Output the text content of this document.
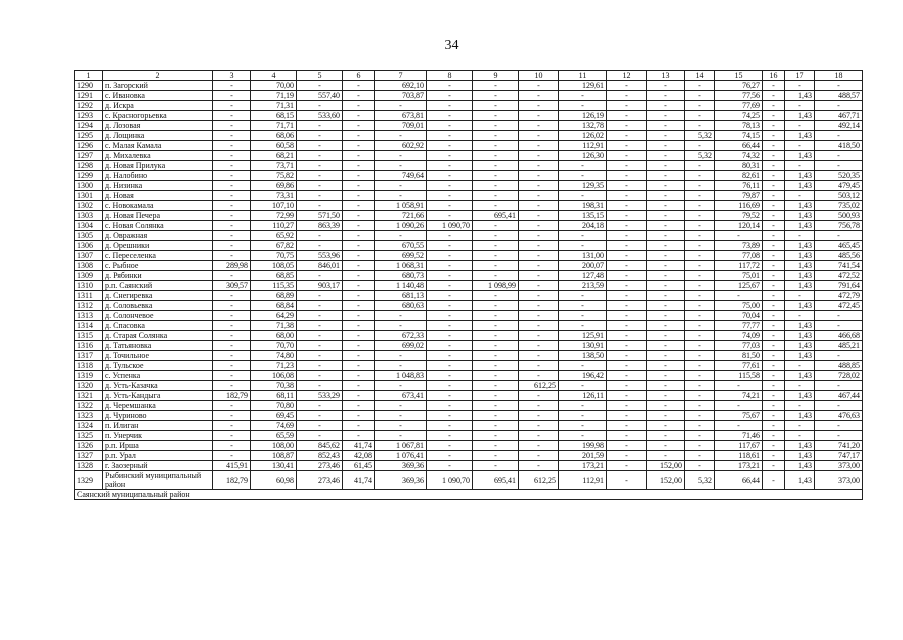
34
1	2	3	4	5	6	7	8	9	10	11	12	13	14	15	16	17	18
1290	п. Загорский	-	70,00	-	-	692,10	-	-	-	129,61	-	-	-	76,27	-	-	-
1291	с. Ивановка	-	71,19	557,40	-	703,87	-	-	-	-	-	-	-	77,56	-	1,43	488,57
1292	д. Искра	-	71,31	-	-	-	-	-	-	-	-	-	-	77,69	-	-	-
1293	с. Красногорьевка	-	68,15	533,60	-	673,81	-	-	-	126,19	-	-	-	74,25	-	1,43	467,71
1294	д. Лозовая	-	71,71	-	-	709,01	-	-	-	132,78	-	-	-	78,13	-	-	492,14
1295	д. Лощинка	-	68,06	-	-	-	-	-	-	126,02	-	-	5,32	74,15	-	1,43	-
1296	с. Малая Камала	-	60,58	-	-	602,92	-	-	-	112,91	-	-	-	66,44	-	-	418,50
1297	д. Михалевка	-	68,21	-	-	-	-	-	-	126,30	-	-	5,32	74,32	-	1,43	-
1298	д. Новая Прилука	-	73,71	-	-	-	-	-	-	-	-	-	-	80,31	-	-	-
1299	д. Налобино	-	75,82	-	-	749,64	-	-	-	-	-	-	-	82,61	-	1,43	520,35
1300	д. Низинка	-	69,86	-	-	-	-	-	-	129,35	-	-	-	76,11	-	1,43	479,45
1301	д. Новая	-	73,31	-	-	-	-	-	-	-	-	-	-	79,87	-	-	503,12
1302	с. Новокамала	-	107,10	-	-	1 058,91	-	-	-	198,31	-	-	-	116,69	-	1,43	735,02
1303	д. Новая Печера	-	72,99	571,50	-	721,66	-	695,41	-	135,15	-	-	-	79,52	-	1,43	500,93
1304	с. Новая Солянка	-	110,27	863,39	-	1 090,26	1 090,70	-	-	204,18	-	-	-	120,14	-	1,43	756,78
1305	д. Овражная	-	65,92	-	-	-	-	-	-	-	-	-	-	-	-	-	-
1306	д. Орешники	-	67,82	-	-	670,55	-	-	-	-	-	-	-	73,89	-	1,43	465,45
1307	с. Переселенка	-	70,75	553,96	-	699,52	-	-	-	131,00	-	-	-	77,08	-	1,43	485,56
1308	с. Рыбное	289,98	108,05	846,01	-	1 068,31	-	-	-	200,07	-	-	-	117,72	-	1,43	741,54
1309	д. Рябинки	-	68,85	-	-	680,73	-	-	-	127,48	-	-	-	75,01	-	1,43	472,52
1310	р.п. Саянский	309,57	115,35	903,17	-	1 140,48	-	1 098,99	-	213,59	-	-	-	125,67	-	1,43	791,64
1311	д. Снегиревка	-	68,89	-	-	681,13	-	-	-	-	-	-	-	-	-	-	472,79
1312	д. Соловьевка	-	68,84	-	-	680,63	-	-	-	-	-	-	-	75,00	-	1,43	472,45
1313	д. Солончевое	-	64,29	-	-	-	-	-	-	-	-	-	-	70,04	-	-	-
1314	д. Спасовка	-	71,38	-	-	-	-	-	-	-	-	-	-	77,77	-	1,43	-
1315	д. Старая Солянка	-	68,00	-	-	672,33	-	-	-	125,91	-	-	-	74,09	-	1,43	466,68
1316	д. Татьяновка	-	70,70	-	-	699,02	-	-	-	130,91	-	-	-	77,03	-	1,43	485,21
1317	д. Точильное	-	74,80	-	-	-	-	-	-	138,50	-	-	-	81,50	-	1,43	-
1318	д. Тульское	-	71,23	-	-	-	-	-	-	-	-	-	-	77,61	-	-	488,85
1319	с. Успенка	-	106,08	-	-	1 048,83	-	-	-	196,42	-	-	-	115,58	-	1,43	728,02
1320	д. Усть-Казачка	-	70,38	-	-	-	-	-	612,25	-	-	-	-	-	-	-	-
1321	д. Усть-Кандыга	182,79	68,11	533,29	-	673,41	-	-	-	126,11	-	-	-	74,21	-	1,43	467,44
1322	д. Черемшанка	-	70,80	-	-	-	-	-	-	-	-	-	-	-	-	-	-
1323	д. Чуриново	-	69,45	-	-	-	-	-	-	-	-	-	-	75,67	-	1,43	476,63
1324	п. Илиган	-	74,69	-	-	-	-	-	-	-	-	-	-	-	-	-	-
1325	п. Унерчик	-	65,59	-	-	-	-	-	-	-	-	-	-	71,46	-	-	-
1326	р.п. Ирша	-	108,00	845,62	41,74	1 067,81	-	-	-	199,98	-	-	-	117,67	-	1,43	741,20
1327	р.п. Урал	-	108,87	852,43	42,08	1 076,41	-	-	-	201,59	-	-	-	118,61	-	1,43	747,17
1328	г. Заозерный	415,91	130,41	273,46	61,45	369,36	-	-	-	173,21	-	152,00	-	173,21	-	1,43	373,00
1329	Рыбинский муниципальный район	182,79	60,98	273,46	41,74	369,36	1 090,70	695,41	612,25	112,91	-	152,00	5,32	66,44	-	1,43	373,00
Саянский муниципальный район																	
